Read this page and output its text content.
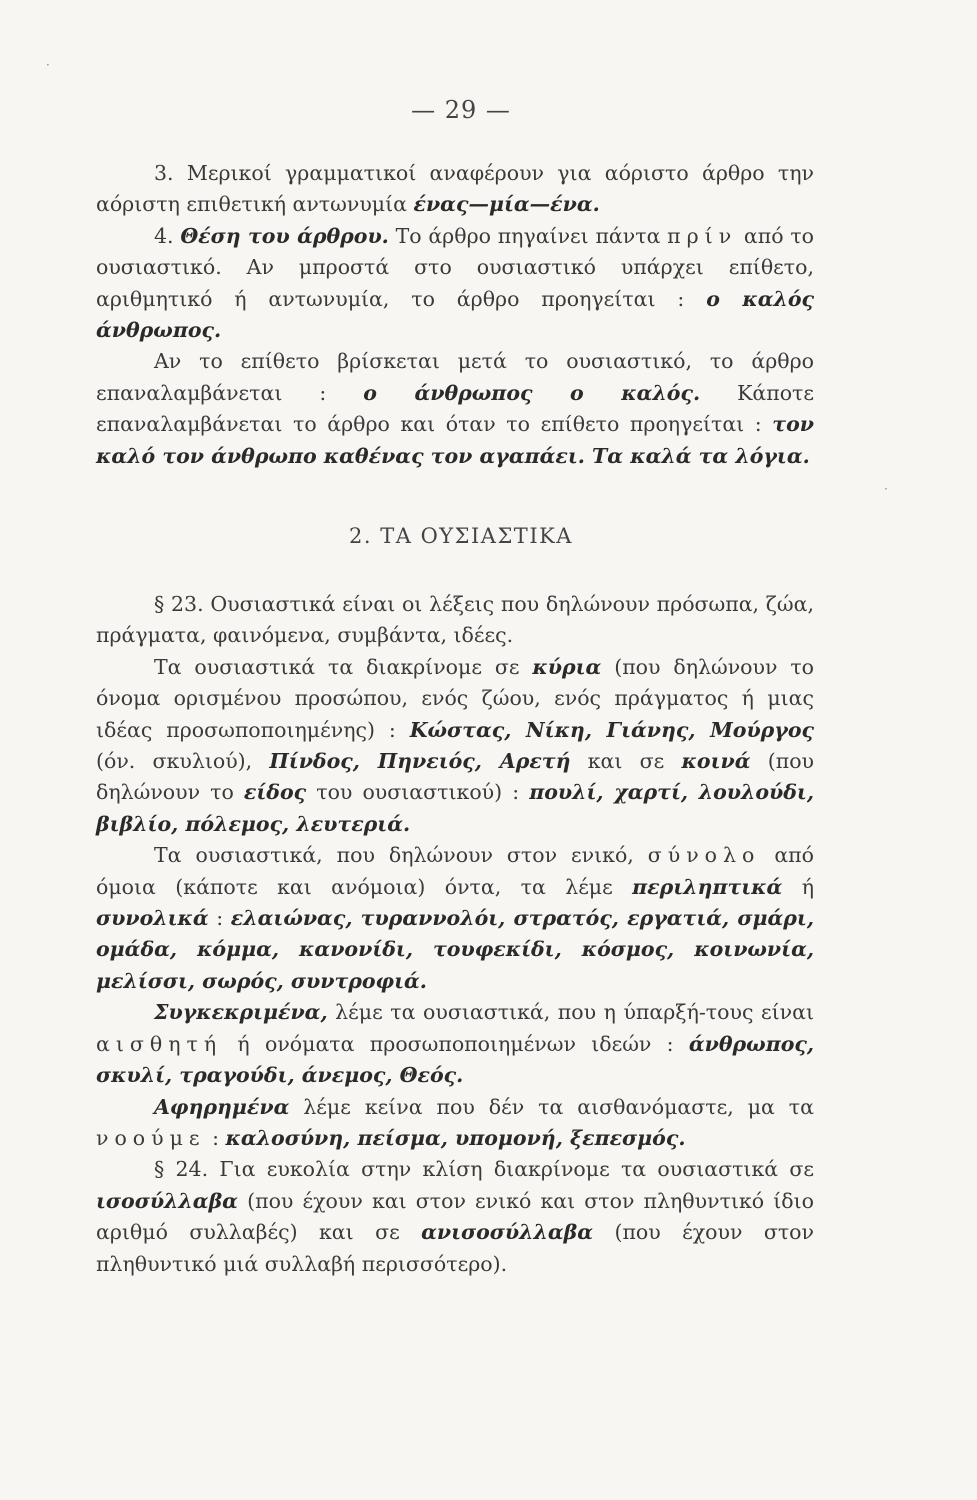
— 29 —

3. Μερικοί γραμματικοί αναφέρουν για αόριστο άρθρο την αόριστη επιθετική αντωνυμία ένας—μία—ένα.

4. Θέση του άρθρου. Το άρθρο πηγαίνει πάντα πρίν από το ουσιαστικό. Αν μπροστά στο ουσιαστικό υπάρχει επίθετο, αριθμητικό ή αντωνυμία, το άρθρο προηγείται : ο καλός άνθρωπος.

Αν το επίθετο βρίσκεται μετά το ουσιαστικό, το άρθρο επαναλαμβάνεται : ο άνθρωπος ο καλός. Κάποτε επαναλαμβάνεται το άρθρο και όταν το επίθετο προηγείται : τον καλό τον άνθρωπο καθένας τον αγαπάει. Τα καλά τα λόγια.

2. ΤΑ ΟΥΣΙΑΣΤΙΚΑ

§ 23. Ουσιαστικά είναι οι λέξεις που δηλώνουν πρόσωπα, ζώα, πράγματα, φαινόμενα, συμβάντα, ιδέες.

Τα ουσιαστικά τα διακρίνομε σε κύρια (που δηλώνουν το όνομα ορισμένου προσώπου, ενός ζώου, ενός πράγματος ή μιας ιδέας προσωποποιημένης) : Κώστας, Νίκη, Γιάνης, Μούργος (όν. σκυλιού), Πίνδος, Πηνειός, Αρετή και σε κοινά (που δηλώνουν το είδος του ουσιαστικού) : πουλί, χαρτί, λουλούδι, βιβλίο, πόλεμος, λευτεριά.

Τα ουσιαστικά, που δηλώνουν στον ενικό, σύνολο από όμοια (κάποτε και ανόμοια) όντα, τα λέμε περιληπτικά ή συνολικά : ελαιώνας, τυραννολόι, στρατός, εργατιά, σμάρι, ομάδα, κόμμα, κανονίδι, τουφεκίδι, κόσμος, κοινωνία, μελίσσι, σωρός, συντροφιά.

Συγκεκριμένα, λέμε τα ουσιαστικά, που η ύπαρξή-τους είναι αισθητή ή ονόματα προσωποποιημένων ιδεών : άνθρωπος, σκυλί, τραγούδι, άνεμος, Θεός.

Αφηρημένα λέμε κείνα που δέν τα αισθανόμαστε, μα τα νοούμε : καλοσύνη, πείσμα, υπομονή, ξεπεσμός.

§ 24. Για ευκολία στην κλίση διακρίνομε τα ουσιαστικά σε ισοσύλλαβα (που έχουν και στον ενικό και στον πληθυντικό ίδιο αριθμό συλλαβές) και σε ανισοσύλλαβα (που έχουν στον πληθυντικό μιά συλλαβή περισσότερο).

·
·
